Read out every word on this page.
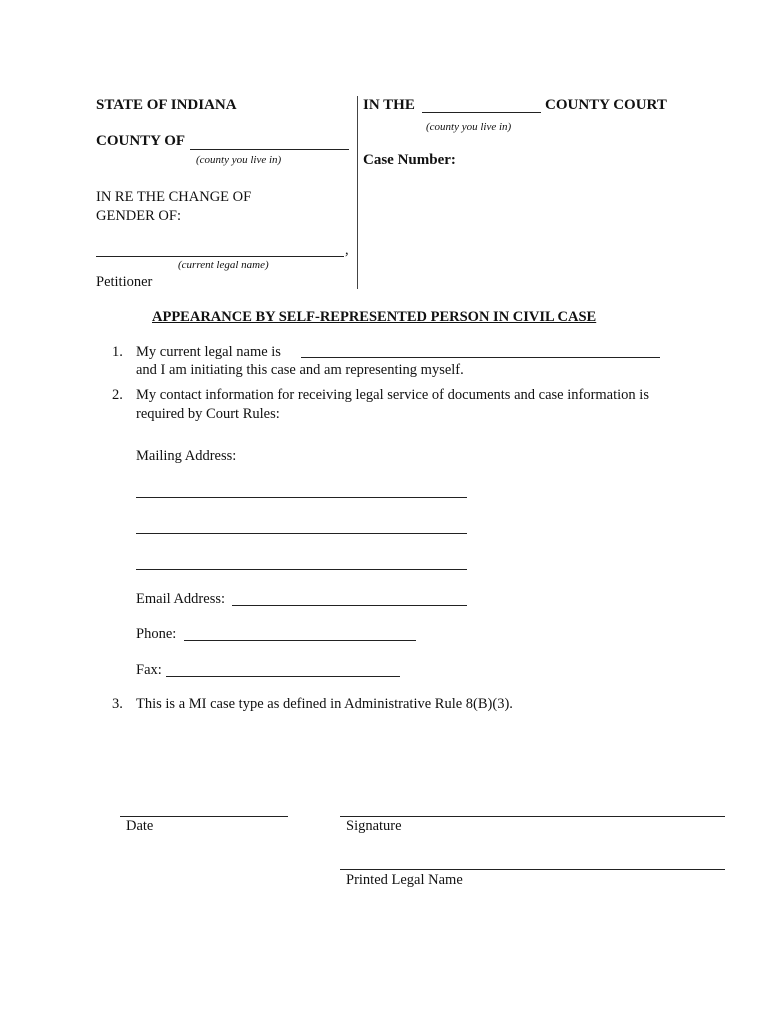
STATE OF INDIANA
COUNTY OF
(county you live in)
IN RE THE CHANGE OF
GENDER OF:
,
(current legal name)
Petitioner
IN THE	COUNTY COURT
(county you live in)
Case Number:
APPEARANCE BY SELF-REPRESENTED PERSON IN CIVIL CASE
1. My current legal name is
and I am initiating this case and am representing myself.
2. My contact information for receiving legal service of documents and case information is
required by Court Rules:
Mailing Address:
Email Address:
Phone:
Fax:
3. This is a MI case type as defined in Administrative Rule 8(B)(3).
Date	Signature
Printed Legal Name
